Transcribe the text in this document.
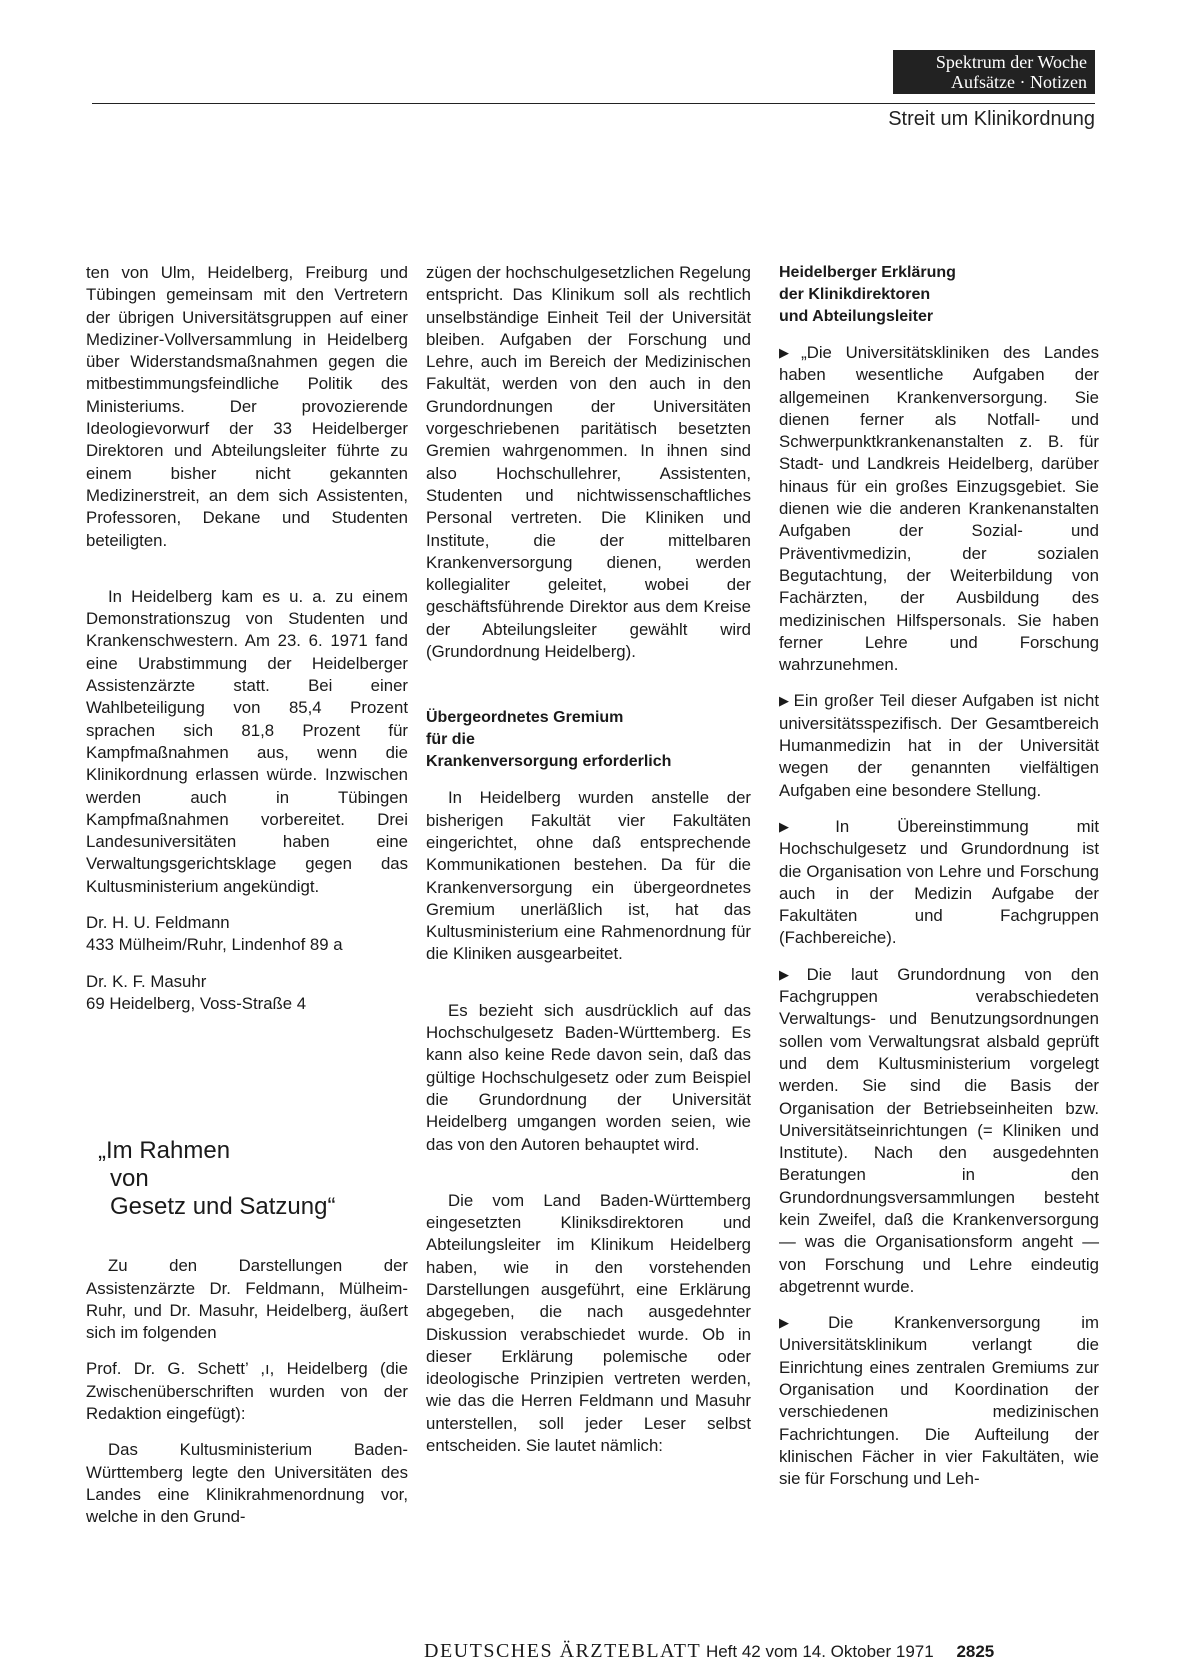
Spektrum der Woche
Aufsätze · Notizen
Streit um Klinikordnung

ten von Ulm, Heidelberg, Freiburg und Tübingen gemeinsam mit den Vertretern der übrigen Universitätsgruppen auf einer Mediziner-Vollversammlung in Heidelberg über Widerstandsmaßnahmen gegen die mitbestimmungsfeindliche Politik des Ministeriums. Der provozierende Ideologievorwurf der 33 Heidelberger Direktoren und Abteilungsleiter führte zu einem bisher nicht gekannten Medizinerstreit, an dem sich Assistenten, Professoren, Dekane und Studenten beteiligten.

In Heidelberg kam es u. a. zu einem Demonstrationszug von Studenten und Krankenschwestern. Am 23. 6. 1971 fand eine Urabstimmung der Heidelberger Assistenzärzte statt. Bei einer Wahlbeteiligung von 85,4 Prozent sprachen sich 81,8 Prozent für Kampfmaßnahmen aus, wenn die Klinikordnung erlassen würde. Inzwischen werden auch in Tübingen Kampfmaßnahmen vorbereitet. Drei Landesuniversitäten haben eine Verwaltungsgerichtsklage gegen das Kultusministerium angekündigt.

Dr. H. U. Feldmann

433 Mülheim/Ruhr, Lindenhof 89 a

Dr. K. F. Masuhr

69 Heidelberg, Voss-Straße 4

„Im Rahmen
von
Gesetz und Satzung“

Zu den Darstellungen der Assistenzärzte Dr. Feldmann, Mülheim-Ruhr, und Dr. Masuhr, Heidelberg, äußert sich im folgenden

Prof. Dr. G. Schett’ ,ı, Heidelberg (die Zwischenüberschriften wurden von der Redaktion eingefügt):

Das Kultusministerium Baden-Württemberg legte den Universitäten des Landes eine Klinikrahmenordnung vor, welche in den Grund-

zügen der hochschulgesetzlichen Regelung entspricht. Das Klinikum soll als rechtlich unselbständige Einheit Teil der Universität bleiben. Aufgaben der Forschung und Lehre, auch im Bereich der Medizinischen Fakultät, werden von den auch in den Grundordnungen der Universitäten vorgeschriebenen paritätisch besetzten Gremien wahrgenommen. In ihnen sind also Hochschullehrer, Assistenten, Studenten und nichtwissenschaftliches Personal vertreten. Die Kliniken und Institute, die der mittelbaren Krankenversorgung dienen, werden kollegialiter geleitet, wobei der geschäftsführende Direktor aus dem Kreise der Abteilungsleiter gewählt wird (Grundordnung Heidelberg).

Übergeordnetes Gremium
für die
Krankenversorgung erforderlich

In Heidelberg wurden anstelle der bisherigen Fakultät vier Fakultäten eingerichtet, ohne daß entsprechende Kommunikationen bestehen. Da für die Krankenversorgung ein übergeordnetes Gremium unerläßlich ist, hat das Kultusministerium eine Rahmenordnung für die Kliniken ausgearbeitet.

Es bezieht sich ausdrücklich auf das Hochschulgesetz Baden-Württemberg. Es kann also keine Rede davon sein, daß das gültige Hochschulgesetz oder zum Beispiel die Grundordnung der Universität Heidelberg umgangen worden seien, wie das von den Autoren behauptet wird.

Die vom Land Baden-Württemberg eingesetzten Kliniksdirektoren und Abteilungsleiter im Klinikum Heidelberg haben, wie in den vorstehenden Darstellungen ausgeführt, eine Erklärung abgegeben, die nach ausgedehnter Diskussion verabschiedet wurde. Ob in dieser Erklärung polemische oder ideologische Prinzipien vertreten werden, wie das die Herren Feldmann und Masuhr unterstellen, soll jeder Leser selbst entscheiden. Sie lautet nämlich:

Heidelberger Erklärung
der Klinikdirektoren
und Abteilungsleiter

▶ „Die Universitätskliniken des Landes haben wesentliche Aufgaben der allgemeinen Krankenversorgung. Sie dienen ferner als Notfall- und Schwerpunktkrankenanstalten z. B. für Stadt- und Landkreis Heidelberg, darüber hinaus für ein großes Einzugsgebiet. Sie dienen wie die anderen Krankenanstalten Aufgaben der Sozial- und Präventivmedizin, der sozialen Begutachtung, der Weiterbildung von Fachärzten, der Ausbildung des medizinischen Hilfspersonals. Sie haben ferner Lehre und Forschung wahrzunehmen.

▶ Ein großer Teil dieser Aufgaben ist nicht universitätsspezifisch. Der Gesamtbereich Humanmedizin hat in der Universität wegen der genannten vielfältigen Aufgaben eine besondere Stellung.

▶ In Übereinstimmung mit Hochschulgesetz und Grundordnung ist die Organisation von Lehre und Forschung auch in der Medizin Aufgabe der Fakultäten und Fachgruppen (Fachbereiche).

▶ Die laut Grundordnung von den Fachgruppen verabschiedeten Verwaltungs- und Benutzungsordnungen sollen vom Verwaltungsrat alsbald geprüft und dem Kultusministerium vorgelegt werden. Sie sind die Basis der Organisation der Betriebseinheiten bzw. Universitätseinrichtungen (= Kliniken und Institute). Nach den ausgedehnten Beratungen in den Grundordnungsversammlungen besteht kein Zweifel, daß die Krankenversorgung — was die Organisationsform angeht — von Forschung und Lehre eindeutig abgetrennt wurde.

▶ Die Krankenversorgung im Universitätsklinikum verlangt die Einrichtung eines zentralen Gremiums zur Organisation und Koordination der verschiedenen medizinischen Fachrichtungen. Die Aufteilung der klinischen Fächer in vier Fakultäten, wie sie für Forschung und Leh-

DEUTSCHES ÄRZTEBLATT Heft 42 vom 14. Oktober 1971 2825
